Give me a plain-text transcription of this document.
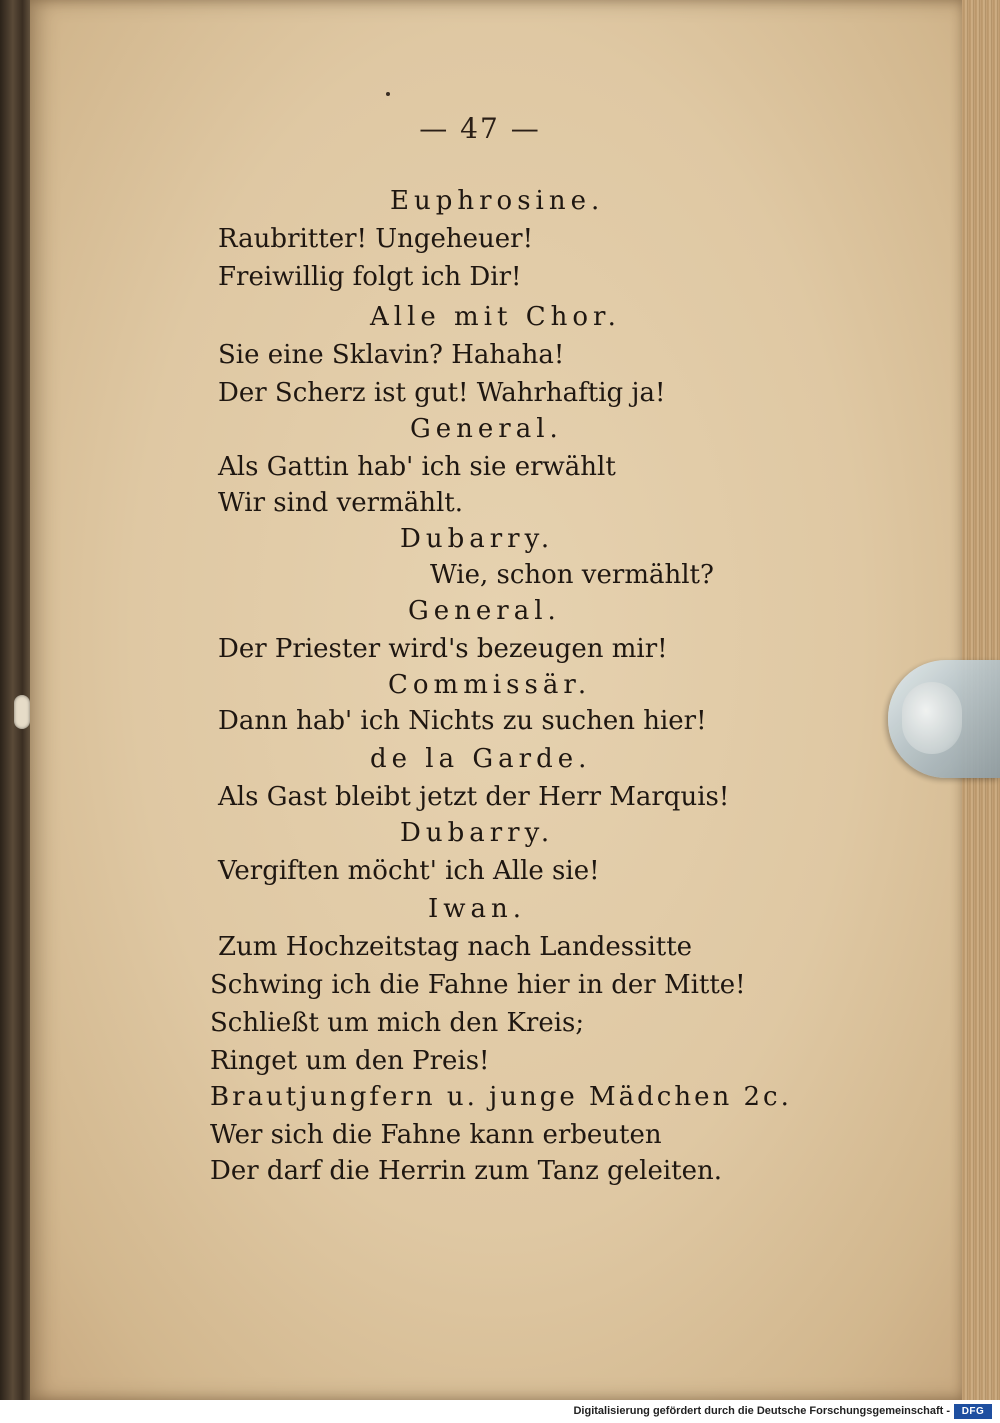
— 47 —
Euphrosine.
Raubritter! Ungeheuer!
Freiwillig folgt ich Dir!
Alle mit Chor.
Sie eine Sklavin? Hahaha!
Der Scherz ist gut! Wahrhaftig ja!
General.
Als Gattin hab' ich sie erwählt
Wir sind vermählt.
Dubarry.
Wie, schon vermählt?
General.
Der Priester wird's bezeugen mir!
Commissär.
Dann hab' ich Nichts zu suchen hier!
de la Garde.
Als Gast bleibt jetzt der Herr Marquis!
Dubarry.
Vergiften möcht' ich Alle sie!
Iwan.
Zum Hochzeitstag nach Landessitte
Schwing ich die Fahne hier in der Mitte!
Schließt um mich den Kreis;
Ringet um den Preis!
Brautjungfern u. junge Mädchen 2c.
Wer sich die Fahne kann erbeuten
Der darf die Herrin zum Tanz geleiten.
Digitalisierung gefördert durch die Deutsche Forschungsgemeinschaft -	DFG
